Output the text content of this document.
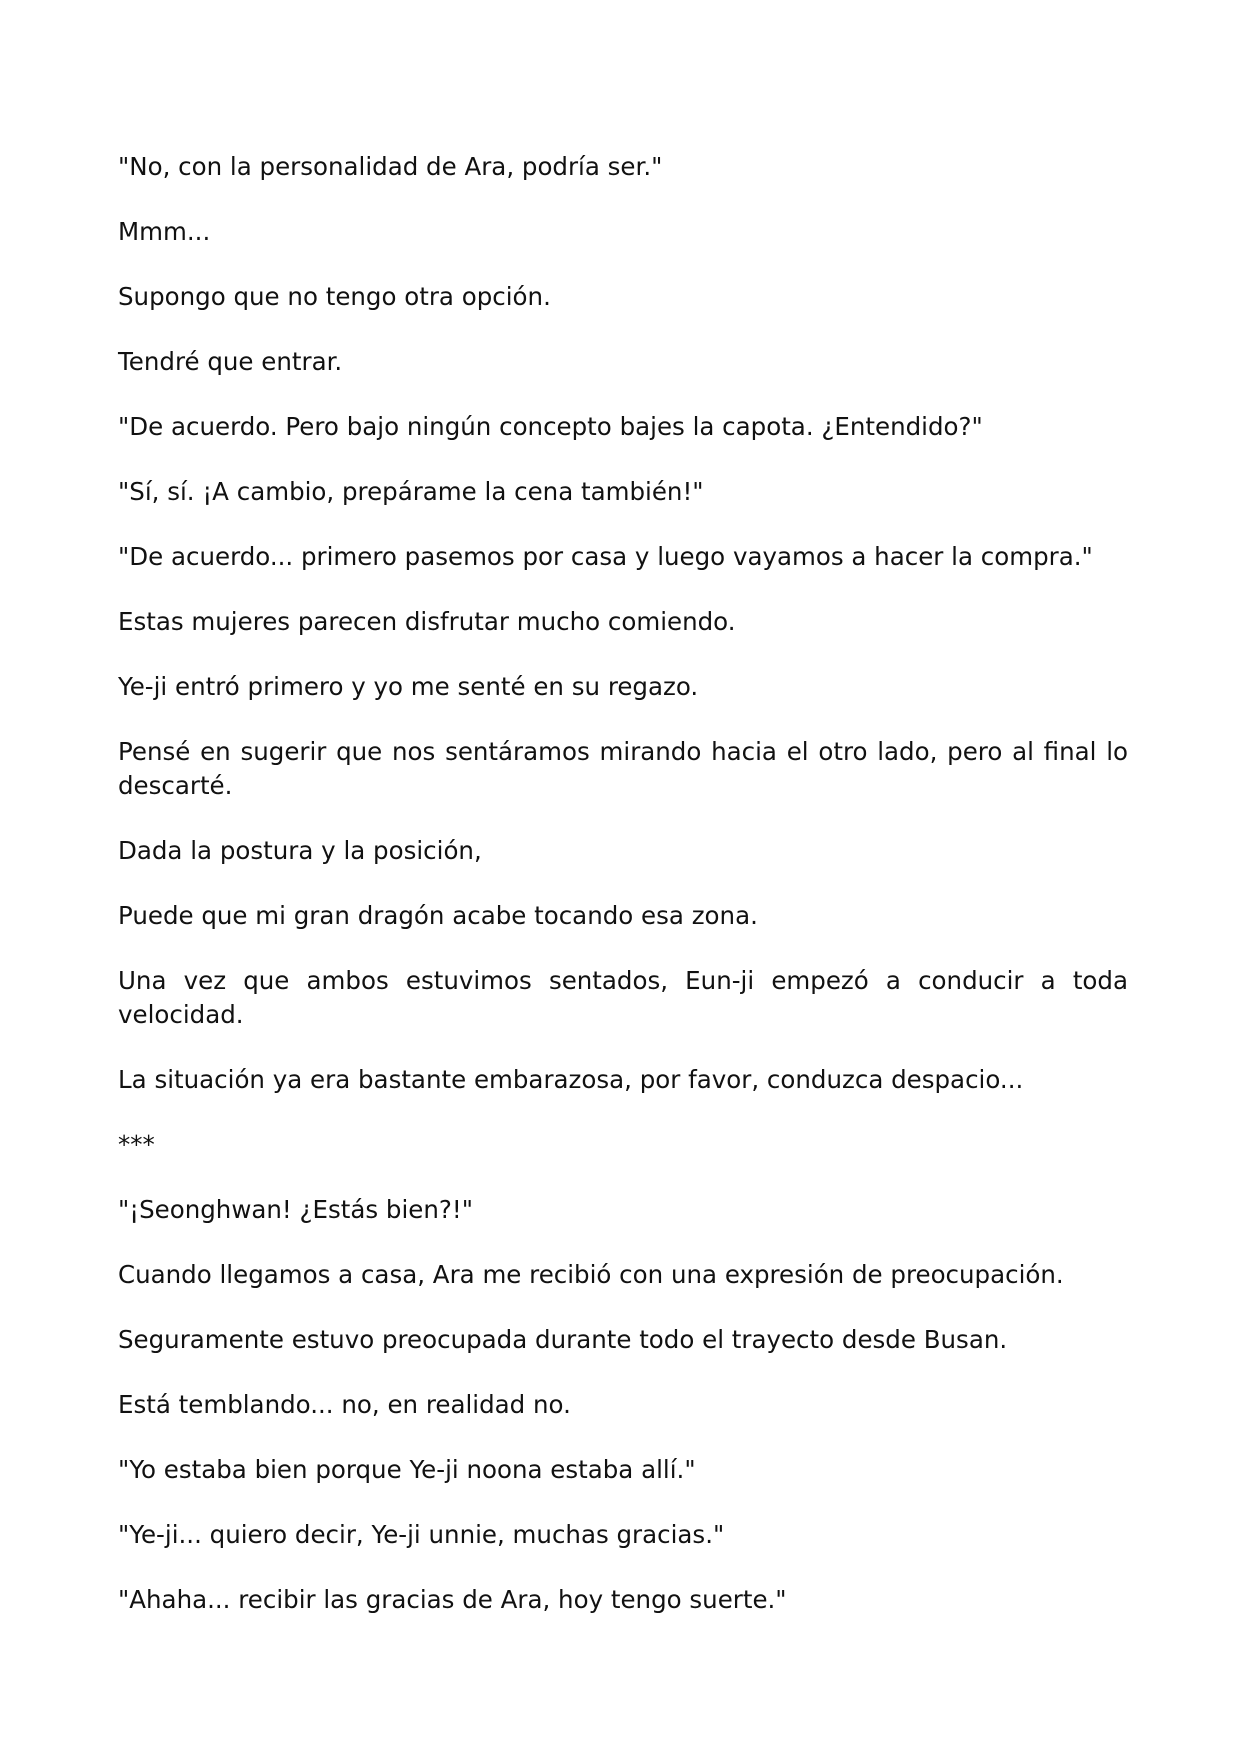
"No, con la personalidad de Ara, podría ser."

Mmm...

Supongo que no tengo otra opción.

Tendré que entrar.

"De acuerdo. Pero bajo ningún concepto bajes la capota. ¿Entendido?"

"Sí, sí. ¡A cambio, prepárame la cena también!"

"De acuerdo... primero pasemos por casa y luego vayamos a hacer la compra."

Estas mujeres parecen disfrutar mucho comiendo.

Ye-ji entró primero y yo me senté en su regazo.

Pensé en sugerir que nos sentáramos mirando hacia el otro lado, pero al final lo descarté.

Dada la postura y la posición,

Puede que mi gran dragón acabe tocando esa zona.

Una vez que ambos estuvimos sentados, Eun-ji empezó a conducir a toda velocidad.

La situación ya era bastante embarazosa, por favor, conduzca despacio...

***

"¡Seonghwan! ¿Estás bien?!"

Cuando llegamos a casa, Ara me recibió con una expresión de preocupación.

Seguramente estuvo preocupada durante todo el trayecto desde Busan.

Está temblando... no, en realidad no.

"Yo estaba bien porque Ye-ji noona estaba allí."

"Ye-ji... quiero decir, Ye-ji unnie, muchas gracias."

"Ahaha... recibir las gracias de Ara, hoy tengo suerte."
